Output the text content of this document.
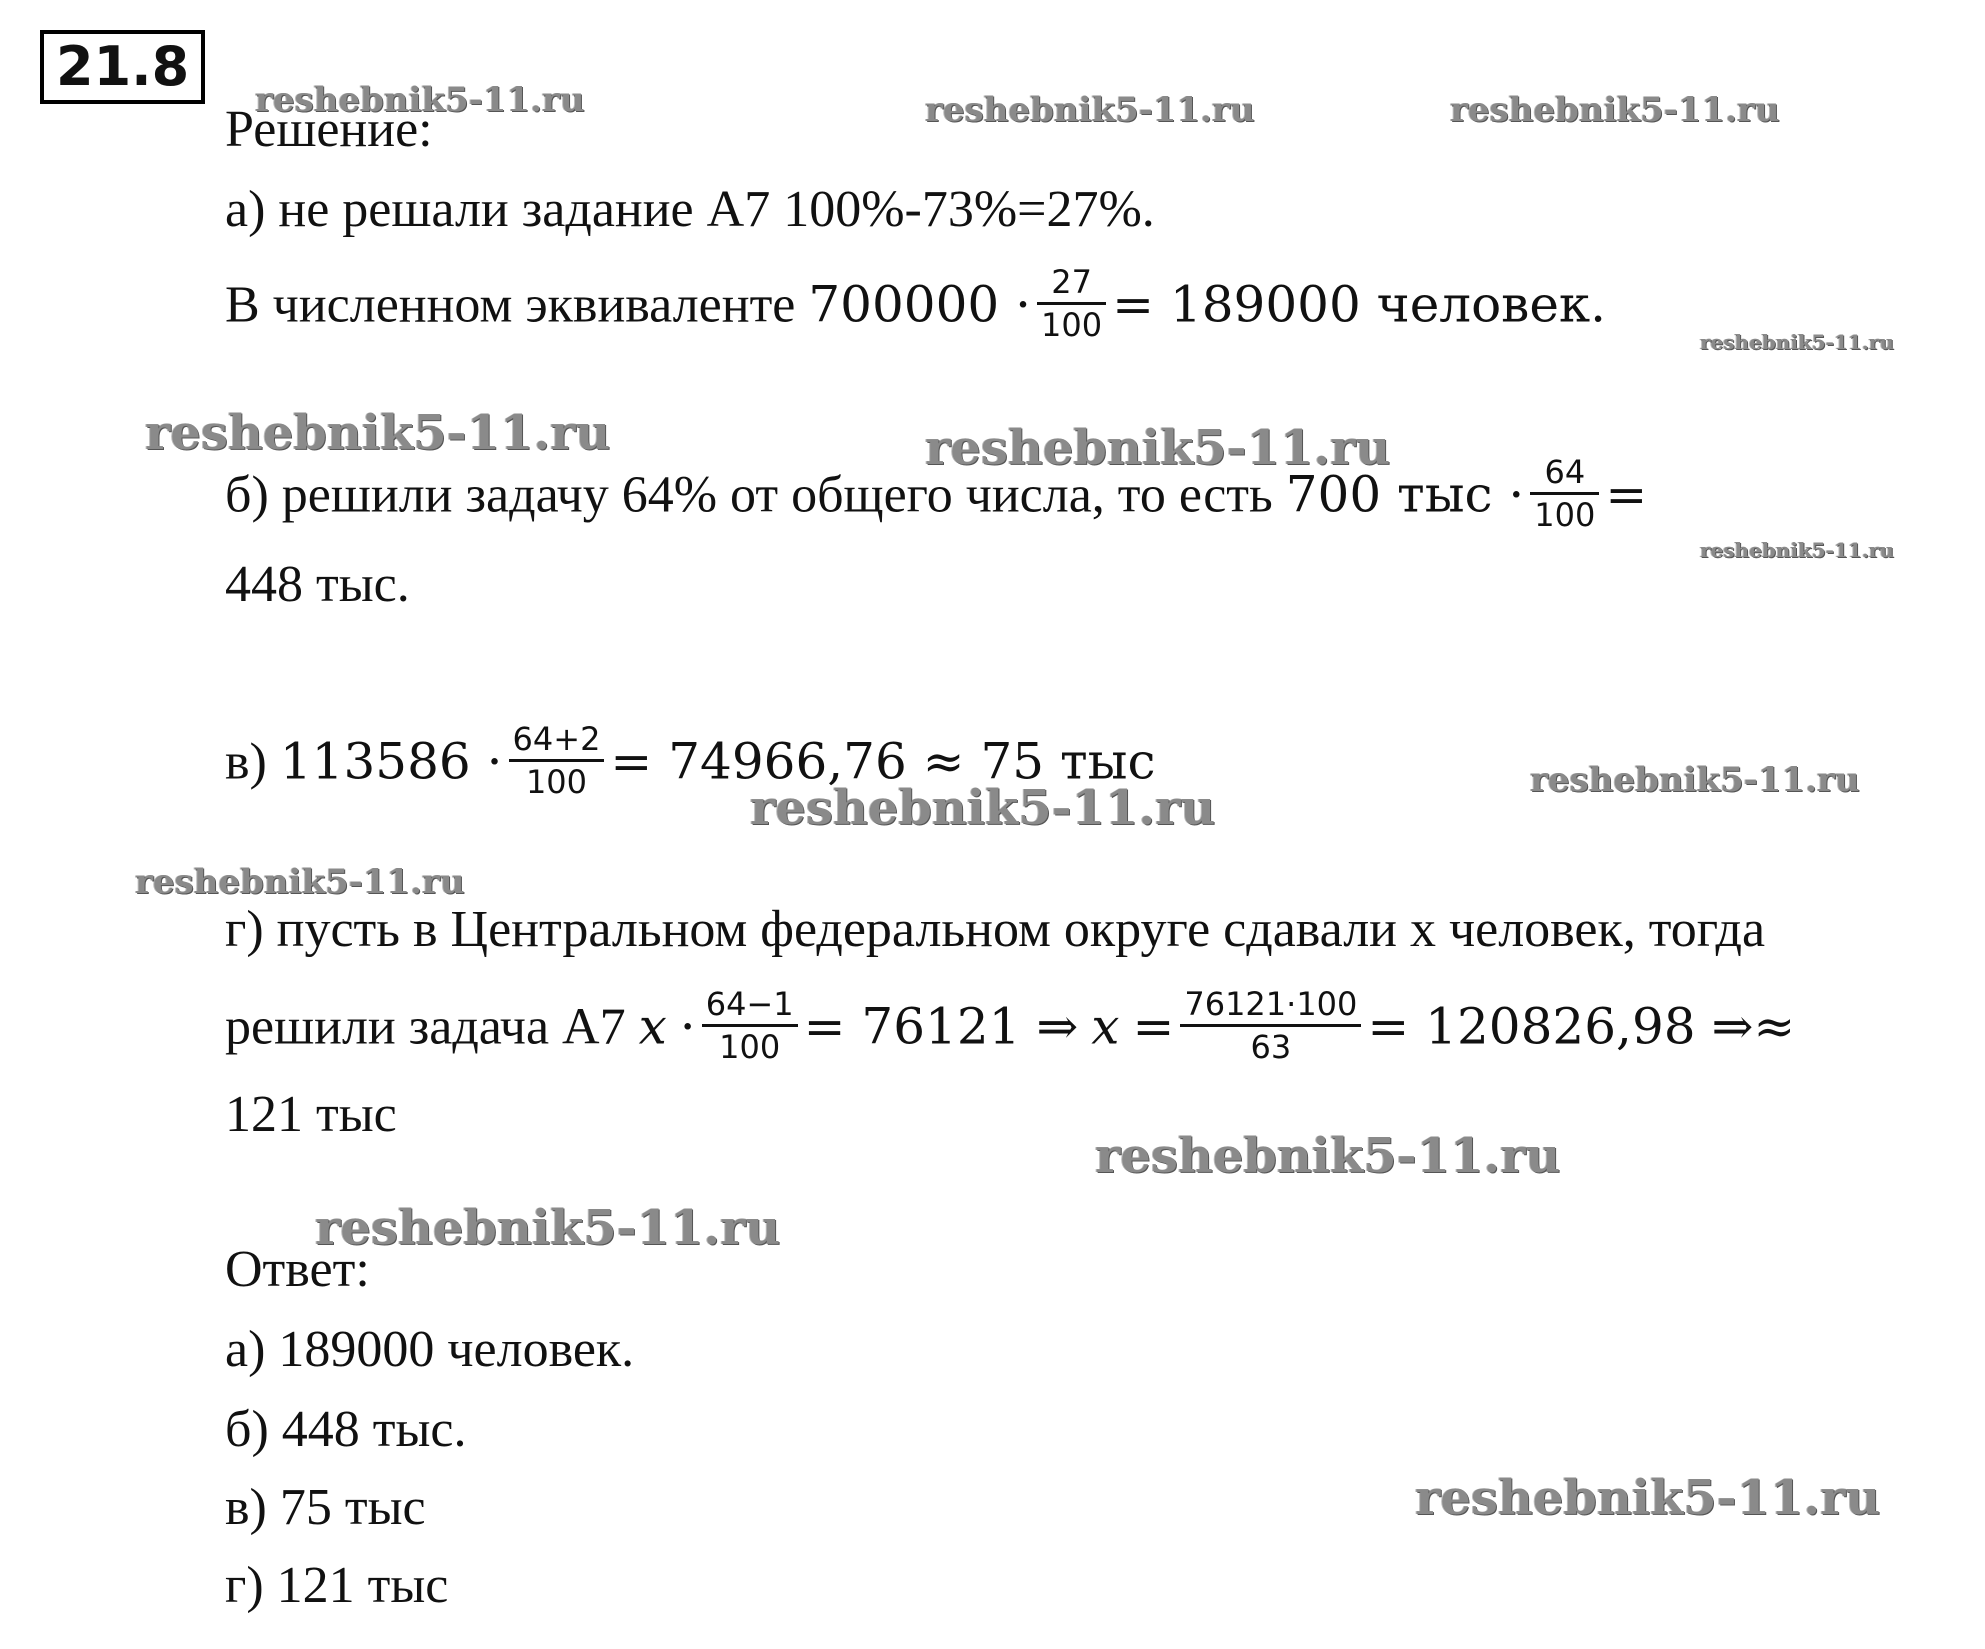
reshebnik5-11.ru	reshebnik5-11.ru	reshebnik5-11.ru
reshebnik5-11.ru
reshebnik5-11.ru	reshebnik5-11.ru
reshebnik5-11.ru
reshebnik5-11.ru
reshebnik5-11.ru
reshebnik5-11.ru
reshebnik5-11.ru
reshebnik5-11.ru
reshebnik5-11.ru
21.8
Решение:
а) не решали задание А7 100%-73%=27%.
В численном эквиваленте $700000 \cdot \frac{27}{100} = 189000$ человек.
б) решили задачу 64% от общего числа, то есть 700 тыс · $\frac{64}{100}$ =
448 тыс.
в) $113586 \cdot \frac{64+2}{100} = 74966,76 \approx 75$ тыс
г) пусть в Центральном федеральном округе сдавали х человек, тогда
решили задача А7 $x \cdot \frac{64-1}{100} = 76121$ ⇒ $x = \frac{76121\cdot 100}{63} = 120826,98$ ⇒≈
121 тыс
Ответ:
а) 189000 человек.
б) 448 тыс.
в) 75 тыс
г) 121 тыс
